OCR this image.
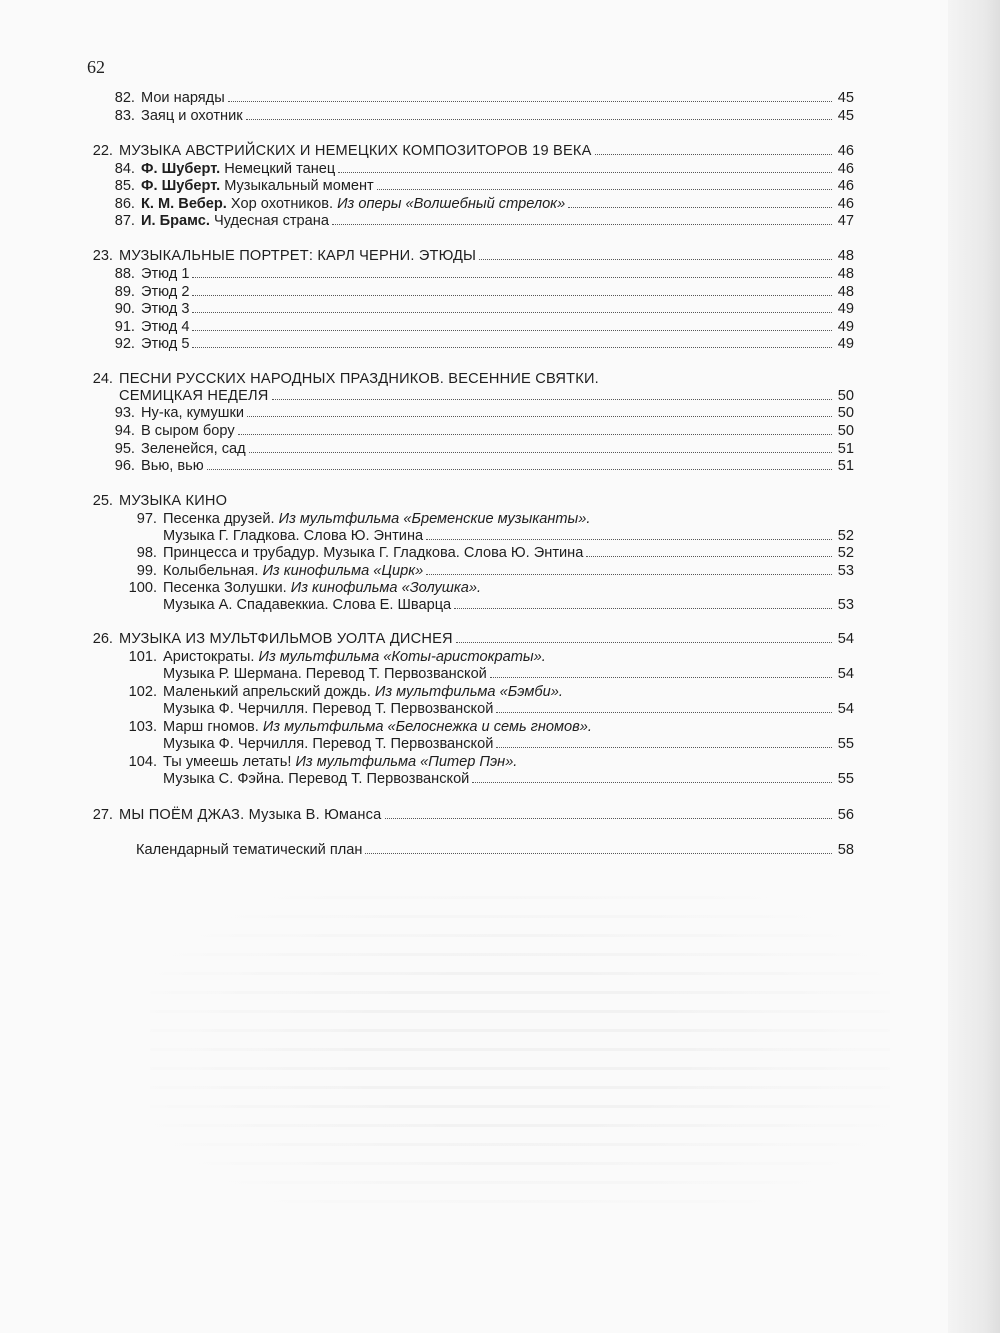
62
82. Мои наряды	45
83. Заяц и охотник	45
22. МУЗЫКА АВСТРИЙСКИХ И НЕМЕЦКИХ КОМПОЗИТОРОВ 19 ВЕКА	46
84. Ф. Шуберт. Немецкий танец	46
85. Ф. Шуберт. Музыкальный момент	46
86. К. М. Вебер. Хор охотников. Из оперы «Волшебный стрелок»	46
87. И. Брамс. Чудесная страна	47
23. МУЗЫКАЛЬНЫЕ ПОРТРЕТ: КАРЛ ЧЕРНИ. ЭТЮДЫ	48
88. Этюд 1	48
89. Этюд 2	48
90. Этюд 3	49
91. Этюд 4	49
92. Этюд 5	49
24. ПЕСНИ РУССКИХ НАРОДНЫХ ПРАЗДНИКОВ. ВЕСЕННИЕ СВЯТКИ.
СЕМИЦКАЯ НЕДЕЛЯ	50
93. Ну-ка, кумушки	50
94. В сыром бору	50
95. Зеленейся, сад	51
96. Вью, вью	51
25. МУЗЫКА КИНО
97. Песенка друзей. Из мультфильма «Бременские музыканты».
Музыка Г. Гладкова. Слова Ю. Энтина	52
98. Принцесса и трубадур. Музыка Г. Гладкова. Слова Ю. Энтина	52
99. Колыбельная. Из кинофильма «Цирк»	53
100. Песенка Золушки. Из кинофильма «Золушка».
Музыка А. Спадавеккиа. Слова Е. Шварца	53
26. МУЗЫКА ИЗ МУЛЬТФИЛЬМОВ УОЛТА ДИСНЕЯ	54
101. Аристократы. Из мультфильма «Коты-аристократы».
Музыка Р. Шермана. Перевод Т. Первозванской	54
102. Маленький апрельский дождь. Из мультфильма «Бэмби».
Музыка Ф. Черчилля. Перевод Т. Первозванской	54
103. Марш гномов. Из мультфильма «Белоснежка и семь гномов».
Музыка Ф. Черчилля. Перевод Т. Первозванской	55
104. Ты умеешь летать! Из мультфильма «Питер Пэн».
Музыка С. Фэйна. Перевод Т. Первозванской	55
27. МЫ ПОЁМ ДЖАЗ. Музыка В. Юманса	56
Календарный тематический план	58
